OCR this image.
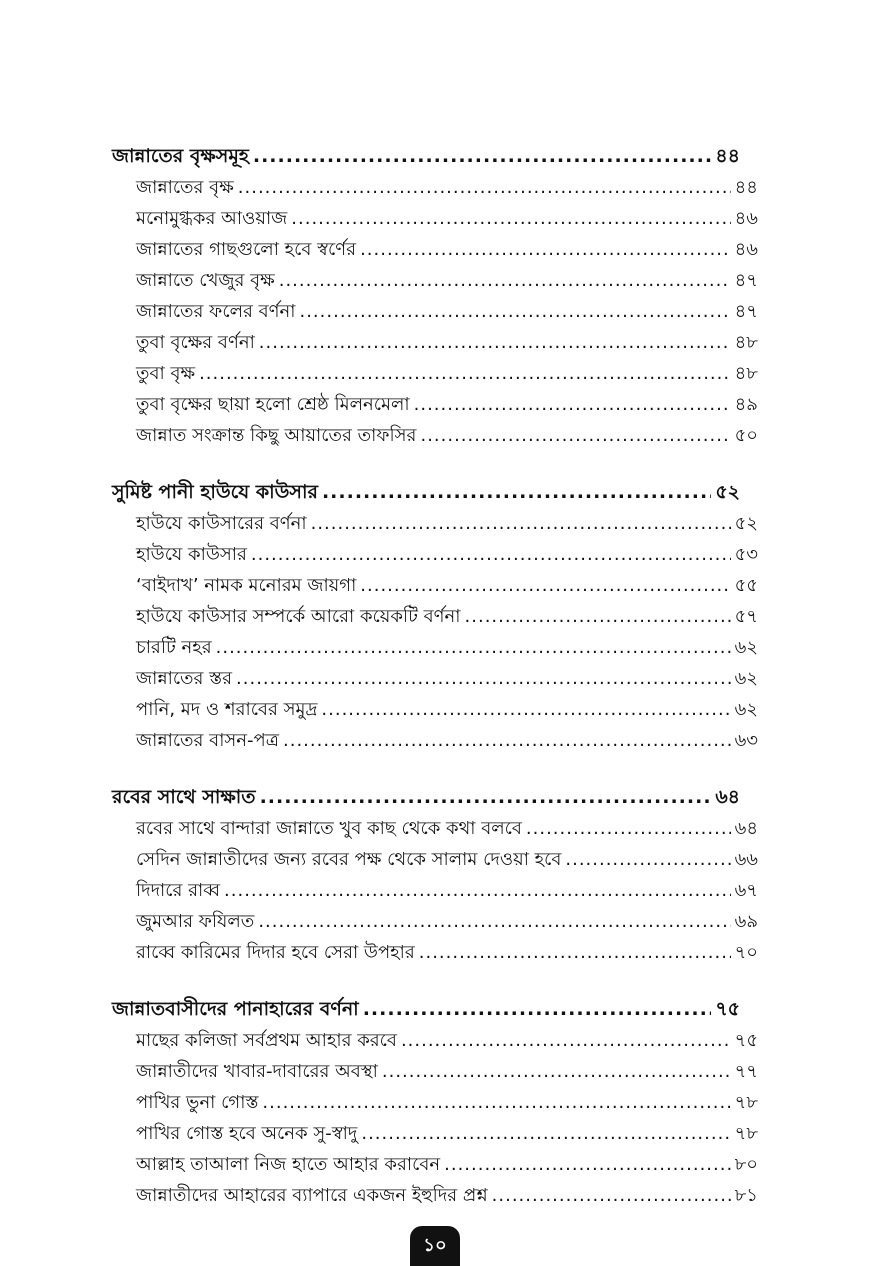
জান্নাতের বৃক্ষসমূহ .....	৪৪
জান্নাতের বৃক্ষ .....	৪৪
মনোমুগ্ধকর আওয়াজ .....	৪৬
জান্নাতের গাছগুলো হবে স্বর্ণের .....	৪৬
জান্নাতে খেজুর বৃক্ষ .....	৪৭
জান্নাতের ফলের বর্ণনা .....	৪৭
তুবা বৃক্ষের বর্ণনা .....	৪৮
তুবা বৃক্ষ .....	৪৮
তুবা বৃক্ষের ছায়া হলো শ্রেষ্ঠ মিলনমেলা .....	৪৯
জান্নাত সংক্রান্ত কিছু আয়াতের তাফসির .....	৫০
সুমিষ্ট পানী হাউযে কাউসার .....	৫২
হাউযে কাউসারের বর্ণনা .....	৫২
হাউযে কাউসার .....	৫৩
‘বাইদাখ’ নামক মনোরম জায়গা .....	৫৫
হাউযে কাউসার সম্পর্কে আরো কয়েকটি বর্ণনা .....	৫৭
চারটি নহর .....	৬২
জান্নাতের স্তর .....	৬২
পানি, মদ ও শরাবের সমুদ্র .....	৬২
জান্নাতের বাসন-পত্র .....	৬৩
রবের সাথে সাক্ষাত .....	৬৪
রবের সাথে বান্দারা জান্নাতে খুব কাছ থেকে কথা বলবে .....	৬৪
সেদিন জান্নাতীদের জন্য রবের পক্ষ থেকে সালাম দেওয়া হবে .....	৬৬
দিদারে রাব্ব .....	৬৭
জুমআর ফযিলত .....	৬৯
রাব্বে কারিমের দিদার হবে সেরা উপহার .....	৭০
জান্নাতবাসীদের পানাহারের বর্ণনা .....	৭৫
মাছের কলিজা সর্বপ্রথম আহার করবে .....	৭৫
জান্নাতীদের খাবার-দাবারের অবস্থা .....	৭৭
পাখির ভুনা গোস্ত .....	৭৮
পাখির গোস্ত হবে অনেক সু-স্বাদু .....	৭৮
আল্লাহ তাআলা নিজ হাতে আহার করাবেন .....	৮০
জান্নাতীদের আহারের ব্যাপারে একজন ইহুদির প্রশ্ন .....	৮১
১০
